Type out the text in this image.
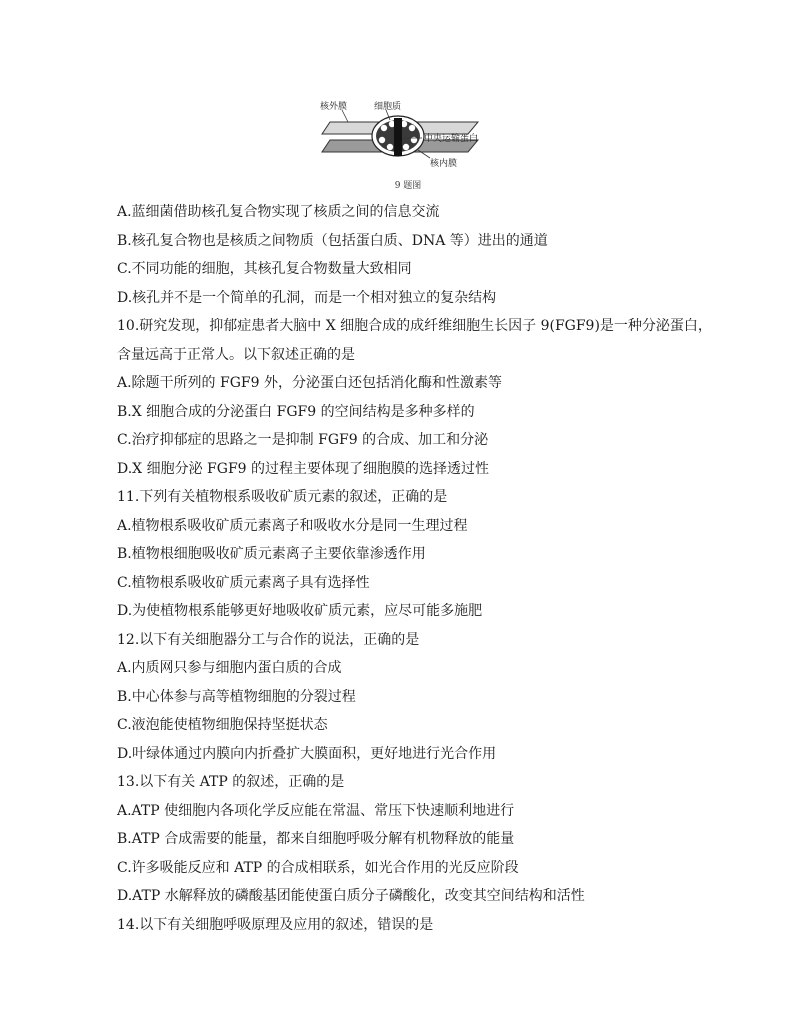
核外膜	细胞质
中央运输蛋白
核内膜
9 题图
A.蓝细菌借助核孔复合物实现了核质之间的信息交流
B.核孔复合物也是核质之间物质（包括蛋白质、DNA 等）进出的通道
C.不同功能的细胞，其核孔复合物数量大致相同
D.核孔并不是一个简单的孔洞，而是一个相对独立的复杂结构
10.研究发现，抑郁症患者大脑中 X 细胞合成的成纤维细胞生长因子 9(FGF9)是一种分泌蛋白，
含量远高于正常人。以下叙述正确的是
A.除题干所列的 FGF9 外，分泌蛋白还包括消化酶和性激素等
B.X 细胞合成的分泌蛋白 FGF9 的空间结构是多种多样的
C.治疗抑郁症的思路之一是抑制 FGF9 的合成、加工和分泌
D.X 细胞分泌 FGF9 的过程主要体现了细胞膜的选择透过性
11.下列有关植物根系吸收矿质元素的叙述，正确的是
A.植物根系吸收矿质元素离子和吸收水分是同一生理过程
B.植物根细胞吸收矿质元素离子主要依靠渗透作用
C.植物根系吸收矿质元素离子具有选择性
D.为使植物根系能够更好地吸收矿质元素，应尽可能多施肥
12.以下有关细胞器分工与合作的说法，正确的是
A.内质网只参与细胞内蛋白质的合成
B.中心体参与高等植物细胞的分裂过程
C.液泡能使植物细胞保持坚挺状态
D.叶绿体通过内膜向内折叠扩大膜面积，更好地进行光合作用
13.以下有关 ATP 的叙述，正确的是
A.ATP 使细胞内各项化学反应能在常温、常压下快速顺利地进行
B.ATP 合成需要的能量，都来自细胞呼吸分解有机物释放的能量
C.许多吸能反应和 ATP 的合成相联系，如光合作用的光反应阶段
D.ATP 水解释放的磷酸基团能使蛋白质分子磷酸化，改变其空间结构和活性
14.以下有关细胞呼吸原理及应用的叙述，错误的是
